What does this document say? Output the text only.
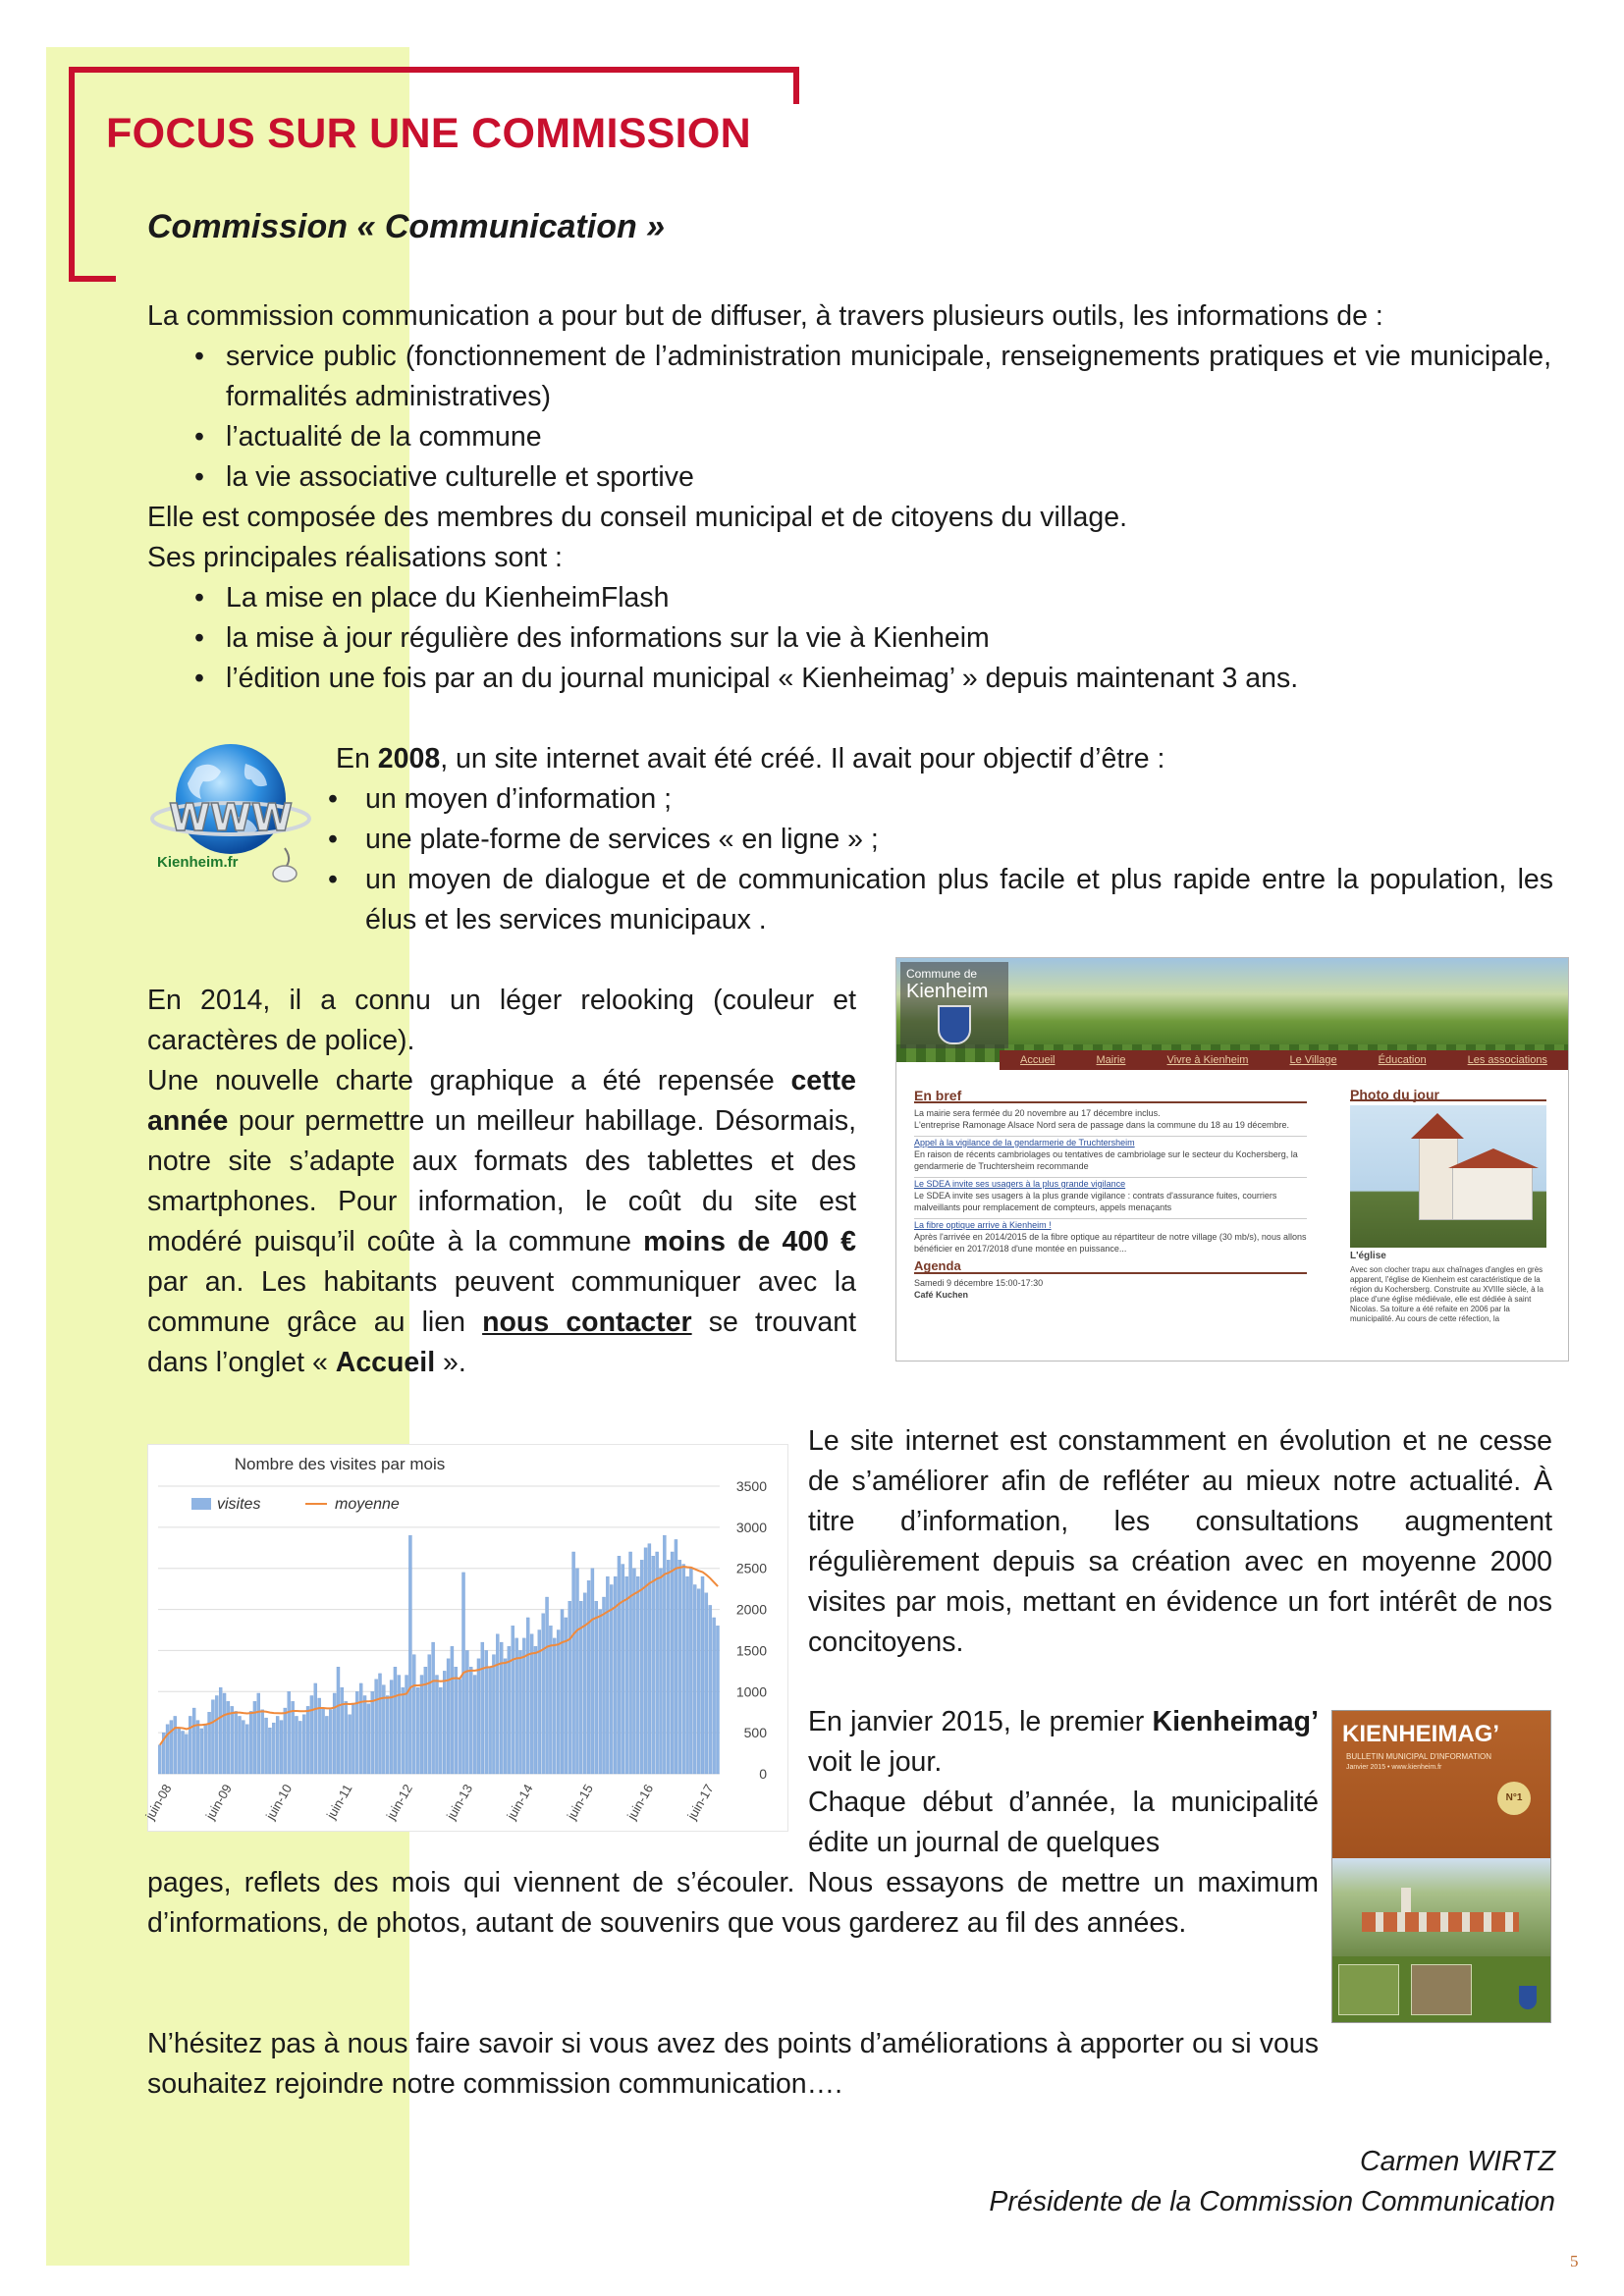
FOCUS SUR UNE COMMISSION
Commission « Communication »
La commission communication a pour but de diffuser, à travers plusieurs outils, les informations de :
• service public (fonctionnement de l’administration municipale, renseignements pratiques et vie municipale, formalités administratives)
• l’actualité de la commune
• la vie associative culturelle et sportive
Elle est composée des membres du conseil municipal et de citoyens du village.
Ses principales réalisations sont :
• La mise en place du KienheimFlash
• la mise à jour régulière des informations sur la vie à Kienheim
• l’édition une fois par an du journal municipal « Kienheimag’ » depuis maintenant 3 ans.
WWW
Kienheim.fr
En 2008, un site internet avait été créé. Il avait pour objectif d’être :
• un moyen d’information ;
• une plate-forme de services « en ligne » ;
• un moyen de dialogue et de communication plus facile et plus rapide entre la population, les élus et les services municipaux .
En 2014, il a connu un léger relooking (couleur et caractères de police).
Une nouvelle charte graphique a été repensée cette année pour permettre un meilleur habillage. Désormais, notre site s’adapte aux formats des tablettes et des smartphones. Pour information, le coût du site est modéré puisqu’il coûte à la commune moins de 400 € par an. Les habitants peuvent communiquer avec la commune grâce au lien nous contacter se trouvant dans l’onglet « Accueil ».
Commune de
Kienheim
Accueil	Mairie	Vivre à Kienheim	Le Village	Éducation	Les associations
En bref
La mairie sera fermée du 20 novembre au 17 décembre inclus.
L'entreprise Ramonage Alsace Nord sera de passage dans la commune du 18 au 19 décembre.
Appel à la vigilance de la gendarmerie de Truchtersheim
En raison de récents cambriolages ou tentatives de cambriolage sur le secteur du Kochersberg, la gendarmerie de Truchtersheim recommande
Le SDEA invite ses usagers à la plus grande vigilance
Le SDEA invite ses usagers à la plus grande vigilance : contrats d'assurance fuites, courriers malveillants pour remplacement de compteurs, appels menaçants
La fibre optique arrive à Kienheim !
Après l'arrivée en 2014/2015 de la fibre optique au répartiteur de notre village (30 mb/s), nous allons bénéficier en 2017/2018 d'une montée en puissance...
Agenda
Samedi 9 décembre 15:00-17:30
Café Kuchen
Photo du jour
L'église
Avec son clocher trapu aux chaînages d'angles en grès apparent, l'église de Kienheim est caractéristique de la région du Kochersberg. Construite au XVIIIe siècle, à la place d'une église médiévale, elle est dédiée à saint Nicolas. Sa toiture a été refaite en 2006 par la municipalité. Au cours de cette réfection, la
Nombre des visites par mois
0
500
1000
1500
2000
2500
3000
3500
juin-08 juin-09 juin-10 juin-11 juin-12 juin-13 juin-14 juin-15 juin-16 juin-17
visites	moyenne
Le site internet est constamment en évolution et ne cesse de s’améliorer afin de refléter au mieux notre actualité. À titre d’information, les consultations augmentent régulièrement depuis sa création avec en moyenne 2000 visites par mois, mettant en évidence un fort intérêt de nos concitoyens.
En janvier 2015, le premier Kienheimag’ voit le jour.
Chaque début d’année, la municipalité édite un journal de quelques
pages, reflets des mois qui viennent de s’écouler. Nous essayons de mettre un maximum d’informations, de photos, autant de souvenirs que vous garderez au fil des années.
KIENHEIMAG’
BULLETIN MUNICIPAL D'INFORMATION
Janvier 2015 • www.kienheim.fr
N°1
N’hésitez pas à nous faire savoir si vous avez des points d’améliorations à apporter ou si vous souhaitez rejoindre notre commission communication….
Carmen WIRTZ
Présidente de la Commission Communication
5
